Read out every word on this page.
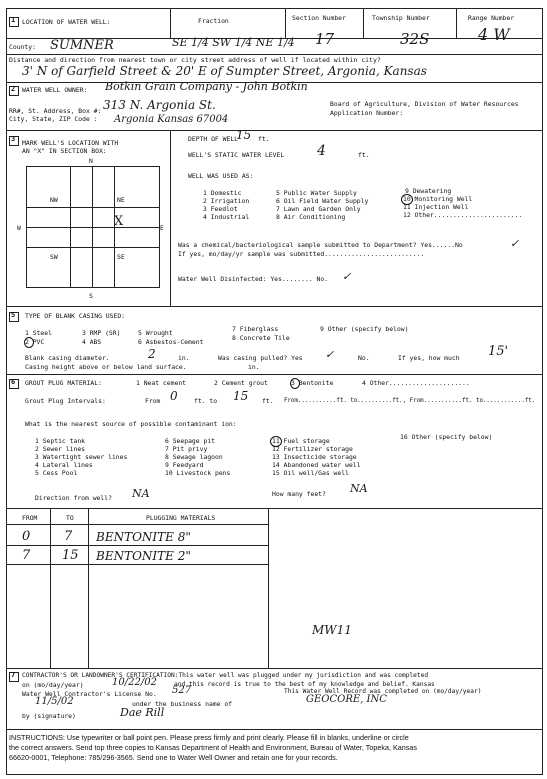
1 LOCATION OF WATER WELL:	Fraction	Section Number	Township Number	Range Number
County: SUMNER	SE 1/4 SW 1/4 NE 1/4 17	32S	4 W
Distance and direction from nearest town or city street address of well if located within city?
3' N of Garfield Street & 20' E of Sumpter Street, Argonia, Kansas
2 WATER WELL OWNER: Botkin Grain Company - John Botkin
RR#, St. Address, Box #: 313 N. Argonia St.
City, State, ZIP Code : Argonia Kansas 67004
Board of Agriculture, Division of Water Resources
Application Number:
3 MARK WELL'S LOCATION WITH
AN "X" IN SECTION BOX:
N
S
W	E
NW	NE
SW	SE
X
DEPTH OF WELL
15 ft.
WELL'S STATIC WATER LEVEL 4	ft.
WELL WAS USED AS:
1 Domestic
2 Irrigation
3 Feedlot
4 Industrial
5 Public Water Supply
6 Oil Field Water Supply
7 Lawn and Garden Only
8 Air Conditioning
9 Dewatering
10 Monitoring Well
11 Injection Well
12 Other.......................
Was a chemical/bacteriological sample submitted to Department? Yes......No	✓
If yes, mo/day/yr sample was submitted..........................
Water Well Disinfected: Yes........ No. ✓
5 TYPE OF BLANK CASING USED:
1 Steel	3 RMP (SR)	5 Wrought	7 Fiberglass	9 Other (specify below)
2 PVC	4 ABS	6 Asbestos-Cement	8 Concrete Tile
Blank casing diameter.	2	in.	Was casing pulled? Yes ✓	No.	If yes, how much 15'
Casing height above or below land surface.	in.
6 GROUT PLUG MATERIAL:	1 Neat cement	2 Cement grout	3 Bentonite	4 Other.....................
Grout Plug Intervals:	From 0	ft. to 15 ft. From...........ft. to..........ft., From...........ft. to............ft.
What is the nearest source of possible contaminant ion:
1 Septic tank
2 Sewer lines
3 Watertight sewer lines
4 Lateral lines
5 Cess Pool
6 Seepage pit
7 Pit privy
8 Sewage lagoon
9 Feedyard
10 Livestock pens
11 Fuel storage
12 Fertilizer storage
13 Insecticide storage
14 Abandoned water well
15 Oil well/Gas well
16 Other (specify below)
Direction from well? NA	How many feet? NA
FROM	TO	PLUGGING MATERIALS
0	7 BENTONITE 8"
7 15 BENTONITE 2"
MW11
7 CONTRACTOR'S OR LANDOWNER'S CERTIFICATION:This water well was plugged under my jurisdiction and was completed
on (mo/day/year)	10/22/02	and this record is true to the best of my knowledge and belief. Kansas
Water Well Contractor's License No. 527	This Water Well Record was completed on (mo/day/year)
11/5/02	under the business name of	GEOCORE, INC
by (signature)	Dae Rill
INSTRUCTIONS: Use typewriter or ball point pen. Please press firmly and print clearly. Please fill in blanks, underline or circle
the correct answers. Send top three copies to Kansas Department of Health and Environment, Bureau of Water, Topeka, Kansas
66620-0001, Telephone: 785/296-3565. Send one to Water Well Owner and retain one for your records.
